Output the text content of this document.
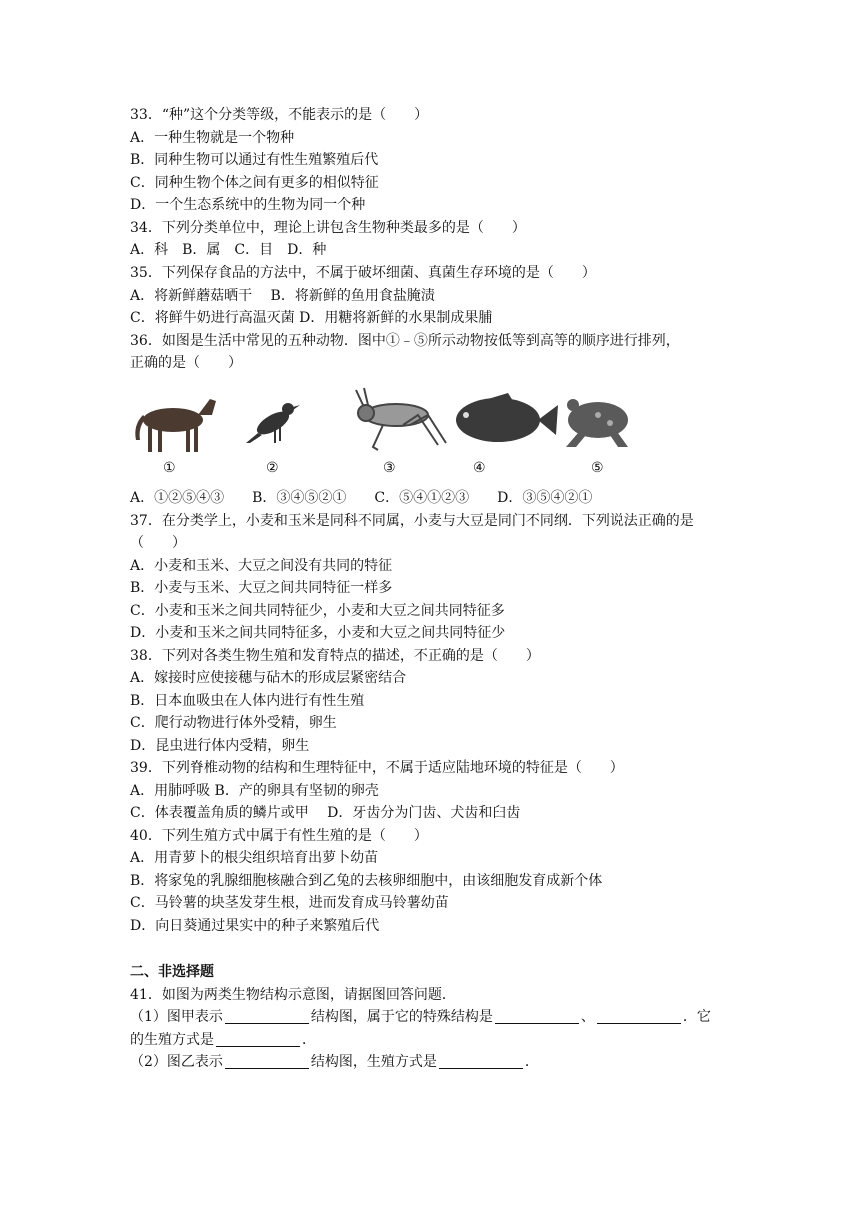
33．“种”这个分类等级，不能表示的是（　　）
A．一种生物就是一个物种
B．同种生物可以通过有性生殖繁殖后代
C．同种生物个体之间有更多的相似特征
D．一个生态系统中的生物为同一个种
34．下列分类单位中，理论上讲包含生物种类最多的是（　　）
A．科　B．属　C．目　D．种
35．下列保存食品的方法中，不属于破坏细菌、真菌生存环境的是（　　）
A．将新鲜蘑菇晒干　 B．将新鲜的鱼用食盐腌渍
C．将鲜牛奶进行高温灭菌 D．用糖将新鲜的水果制成果脯
36．如图是生活中常见的五种动物．图中①﹣⑤所示动物按低等到高等的顺序进行排列，
正确的是（　　）
①	②	③	④	⑤
A．①②⑤④③　　B．③④⑤②①　　C．⑤④①②③　　D．③⑤④②①
37．在分类学上，小麦和玉米是同科不同属，小麦与大豆是同门不同纲．下列说法正确的是
（　　）
A．小麦和玉米、大豆之间没有共同的特征
B．小麦与玉米、大豆之间共同特征一样多
C．小麦和玉米之间共同特征少，小麦和大豆之间共同特征多
D．小麦和玉米之间共同特征多，小麦和大豆之间共同特征少
38．下列对各类生物生殖和发育特点的描述，不正确的是（　　）
A．嫁接时应使接穗与砧木的形成层紧密结合
B．日本血吸虫在人体内进行有性生殖
C．爬行动物进行体外受精，卵生
D．昆虫进行体内受精，卵生
39．下列脊椎动物的结构和生理特征中，不属于适应陆地环境的特征是（　　）
A．用肺呼吸 B．产的卵具有坚韧的卵壳
C．体表覆盖角质的鳞片或甲　 D．牙齿分为门齿、犬齿和臼齿
40．下列生殖方式中属于有性生殖的是（　　）
A．用青萝卜的根尖组织培育出萝卜幼苗
B．将家兔的乳腺细胞核融合到乙兔的去核卵细胞中，由该细胞发育成新个体
C．马铃薯的块茎发芽生根，进而发育成马铃薯幼苗
D．向日葵通过果实中的种子来繁殖后代
二、非选择题
41．如图为两类生物结构示意图，请据图回答问题．
（1）图甲表示	结构图，属于它的特殊结构是	、	．它
的生殖方式是	．
（2）图乙表示	结构图，生殖方式是	．
